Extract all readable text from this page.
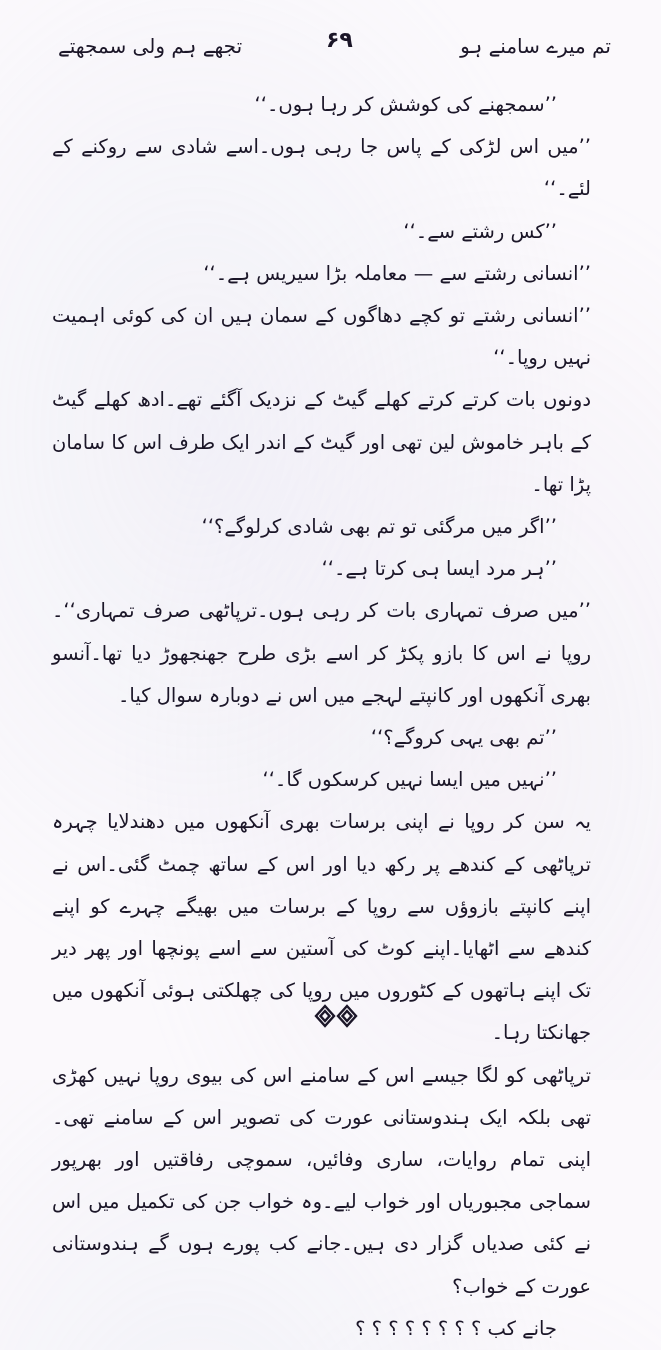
تجھے ہم ولی سمجھتے	۶۹	تم میرے سامنے ہو

’’سمجھنے کی کوشش کر رہا ہوں۔‘‘

’’میں اس لڑکی کے پاس جا رہی ہوں۔اسے شادی سے روکنے کے لئے۔‘‘

’’کس رشتے سے۔‘‘

’’انسانی رشتے سے — معاملہ بڑا سیریس ہے۔‘‘

’’انسانی رشتے تو کچے دھاگوں کے سمان ہیں ان کی کوئی اہمیت نہیں روپا۔‘‘

دونوں بات کرتے کرتے کھلے گیٹ کے نزدیک آگئے تھے۔ادھ کھلے گیٹ کے باہر خاموش لین تھی اور گیٹ کے اندر ایک طرف اس کا سامان پڑا تھا۔

’’اگر میں مرگئی تو تم بھی شادی کرلوگے؟‘‘

’’ہر مرد ایسا ہی کرتا ہے۔‘‘

’’میں صرف تمہاری بات کر رہی ہوں۔ترپاٹھی صرف تمہاری‘‘۔روپا نے اس کا بازو پکڑ کر اسے بڑی طرح جھنجھوڑ دیا تھا۔آنسو بھری آنکھوں اور کانپتے لہجے میں اس نے دوبارہ سوال کیا۔

’’تم بھی یہی کروگے؟‘‘

’’نہیں میں ایسا نہیں کرسکوں گا۔‘‘

یہ سن کر روپا نے اپنی برسات بھری آنکھوں میں دھندلایا چہرہ ترپاٹھی کے کندھے پر رکھ دیا اور اس کے ساتھ چمٹ گئی۔اس نے اپنے کانپتے بازوؤں سے روپا کے برسات میں بھیگے چہرے کو اپنے کندھے سے اٹھایا۔اپنے کوٹ کی آستین سے اسے پونچھا اور پھر دیر تک اپنے ہاتھوں کے کٹوروں میں روپا کی چھلکتی ہوئی آنکھوں میں جھانکتا رہا۔

ترپاٹھی کو لگا جیسے اس کے سامنے اس کی بیوی روپا نہیں کھڑی تھی بلکہ ایک ہندوستانی عورت کی تصویر اس کے سامنے تھی۔اپنی تمام روایات، ساری وفائیں، سموچی رفاقتیں اور بھرپور سماجی مجبوریاں اور خواب لیے۔وہ خواب جن کی تکمیل میں اس نے کئی صدیاں گزار دی ہیں۔جانے کب پورے ہوں گے ہندوستانی عورت کے خواب؟

جانے کب ؟ ؟ ؟ ؟ ؟ ؟ ؟ ؟
